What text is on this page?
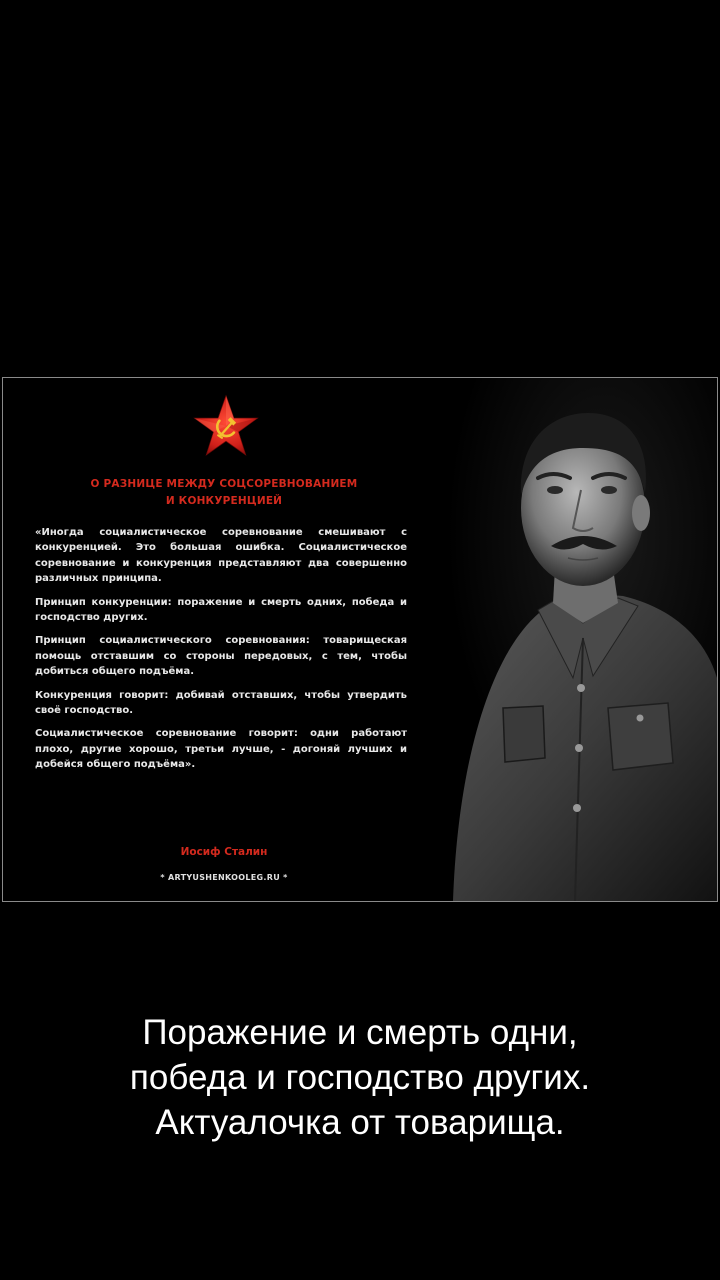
О РАЗНИЦЕ МЕЖДУ СОЦСОРЕВНОВАНИЕМ
И КОНКУРЕНЦИЕЙ

«Иногда социалистическое соревнование смешивают с конкуренцией. Это большая ошибка. Социалистическое соревнование и конкуренция представляют два совершенно различных принципа.

Принцип конкуренции: поражение и смерть одних, победа и господство других.

Принцип социалистического соревнования: товарищеская помощь отставшим со стороны передовых, с тем, чтобы добиться общего подъёма.

Конкуренция говорит: добивай отставших, чтобы утвердить своё господство.

Социалистическое соревнование говорит: одни работают плохо, другие хорошо, третьи лучше, - догоняй лучших и добейся общего подъёма».

Иосиф Сталин
* ARTYUSHENKOOLEG.RU *

Поражение и смерть одни,
победа и господство других.
Актуалочка от товарища.
